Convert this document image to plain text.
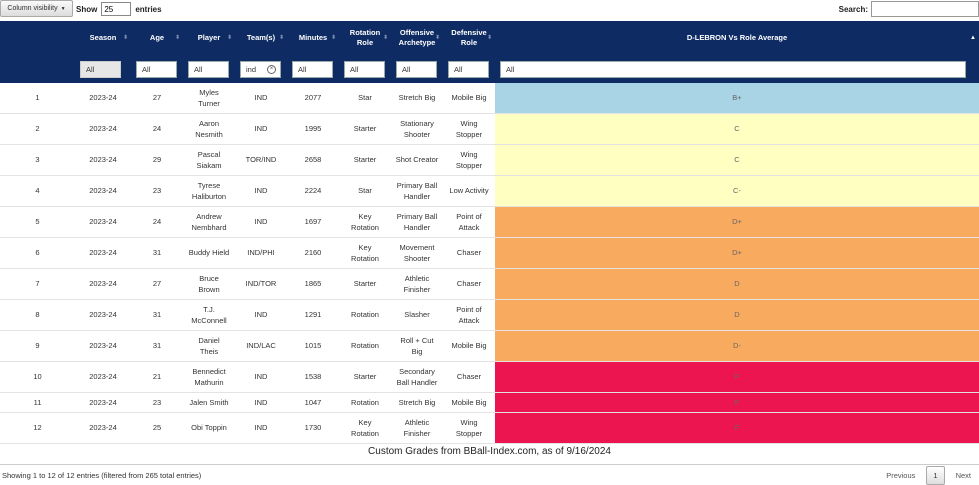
Column visibility ▼ Show
25	entries	Search:
	Season ⬍	Age ⬍	Player ⬍	Team(s) ⬍	Minutes ⬍	Rotation Role ⬍	Offensive Archetype ⬍	Defensive Role ⬍	D-LEBRON Vs Role Average ▲

	All	All	All	ind ×	All	All	All	All	All

1	2023-24	27	Myles
Turner	IND	2077	Star	Stretch Big	Mobile Big	B+
2	2023-24	24	Aaron
Nesmith	IND	1995	Starter	Stationary
Shooter	Wing
Stopper	C
3	2023-24	29	Pascal
Siakam	TOR/IND	2658	Starter	Shot Creator	Wing
Stopper	C
4	2023-24	23	Tyrese
Haliburton	IND	2224	Star	Primary Ball
Handler	Low Activity	C-
5	2023-24	24	Andrew
Nembhard	IND	1697	Key
Rotation	Primary Ball
Handler	Point of
Attack	D+
6	2023-24	31	Buddy Hield	IND/PHI	2160	Key
Rotation	Movement
Shooter	Chaser	D+
7	2023-24	27	Bruce
Brown	IND/TOR	1865	Starter	Athletic
Finisher	Chaser	D
8	2023-24	31	T.J.
McConnell	IND	1291	Rotation	Slasher	Point of
Attack	D
9	2023-24	31	Daniel
Theis	IND/LAC	1015	Rotation	Roll + Cut
Big	Mobile Big	D-
10	2023-24	21	Bennedict
Mathurin	IND	1538	Starter	Secondary
Ball Handler	Chaser	F
11	2023-24	23	Jalen Smith	IND	1047	Rotation	Stretch Big	Mobile Big	F
12	2023-24	25	Obi Toppin	IND	1730	Key
Rotation	Athletic
Finisher	Wing
Stopper	F
Custom Grades from BBall-Index.com, as of 9/16/2024
Showing 1 to 12 of 12 entries (filtered from 265 total entries)	Previous	1	Next
